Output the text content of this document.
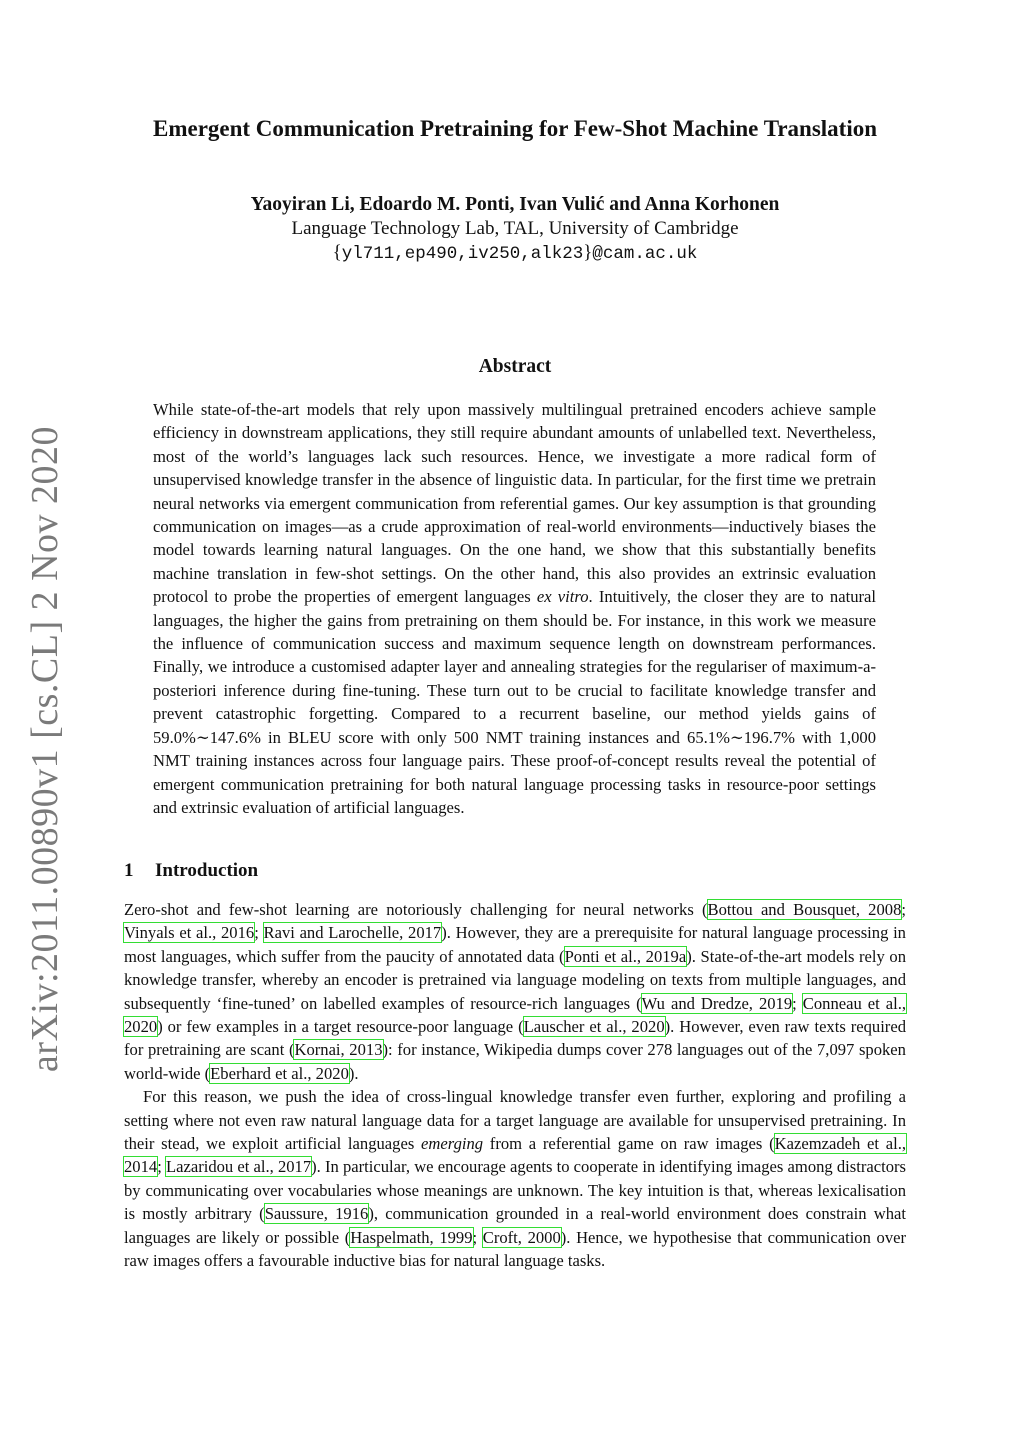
arXiv:2011.00890v1 [cs.CL] 2 Nov 2020
Emergent Communication Pretraining for Few-Shot Machine Translation
Yaoyiran Li, Edoardo M. Ponti, Ivan Vulić and Anna Korhonen
Language Technology Lab, TAL, University of Cambridge
{yl711,ep490,iv250,alk23}@cam.ac.uk
Abstract
While state-of-the-art models that rely upon massively multilingual pretrained encoders achieve sample efficiency in downstream applications, they still require abundant amounts of unlabelled text. Nevertheless, most of the world’s languages lack such resources. Hence, we investigate a more radical form of unsupervised knowledge transfer in the absence of linguistic data. In particular, for the first time we pretrain neural networks via emergent communication from referential games. Our key assumption is that grounding communication on images—as a crude approximation of real-world environments—inductively biases the model towards learning natural languages. On the one hand, we show that this substantially benefits machine translation in few-shot settings. On the other hand, this also provides an extrinsic evaluation protocol to probe the properties of emergent languages ex vitro. Intuitively, the closer they are to natural languages, the higher the gains from pretraining on them should be. For instance, in this work we measure the influence of communication success and maximum sequence length on downstream performances. Finally, we introduce a customised adapter layer and annealing strategies for the regulariser of maximum-a-posteriori inference during fine-tuning. These turn out to be crucial to facilitate knowledge transfer and prevent catastrophic forgetting. Compared to a recurrent baseline, our method yields gains of 59.0%∼147.6% in BLEU score with only 500 NMT training instances and 65.1%∼196.7% with 1,000 NMT training instances across four language pairs. These proof-of-concept results reveal the potential of emergent communication pretraining for both natural language processing tasks in resource-poor settings and extrinsic evaluation of artificial languages.
1 Introduction

Zero-shot and few-shot learning are notoriously challenging for neural networks (Bottou and Bousquet, 2008; Vinyals et al., 2016; Ravi and Larochelle, 2017). However, they are a prerequisite for natural language processing in most languages, which suffer from the paucity of annotated data (Ponti et al., 2019a). State-of-the-art models rely on knowledge transfer, whereby an encoder is pretrained via language modeling on texts from multiple languages, and subsequently ‘fine-tuned’ on labelled examples of resource-rich languages (Wu and Dredze, 2019; Conneau et al., 2020) or few examples in a target resource-poor language (Lauscher et al., 2020). However, even raw texts required for pretraining are scant (Kornai, 2013): for instance, Wikipedia dumps cover 278 languages out of the 7,097 spoken world-wide (Eberhard et al., 2020).

For this reason, we push the idea of cross-lingual knowledge transfer even further, exploring and profiling a setting where not even raw natural language data for a target language are available for unsupervised pretraining. In their stead, we exploit artificial languages emerging from a referential game on raw images (Kazemzadeh et al., 2014; Lazaridou et al., 2017). In particular, we encourage agents to cooperate in identifying images among distractors by communicating over vocabularies whose meanings are unknown. The key intuition is that, whereas lexicalisation is mostly arbitrary (Saussure, 1916), communication grounded in a real-world environment does constrain what languages are likely or possible (Haspelmath, 1999; Croft, 2000). Hence, we hypothesise that communication over raw images offers a favourable inductive bias for natural language tasks.
